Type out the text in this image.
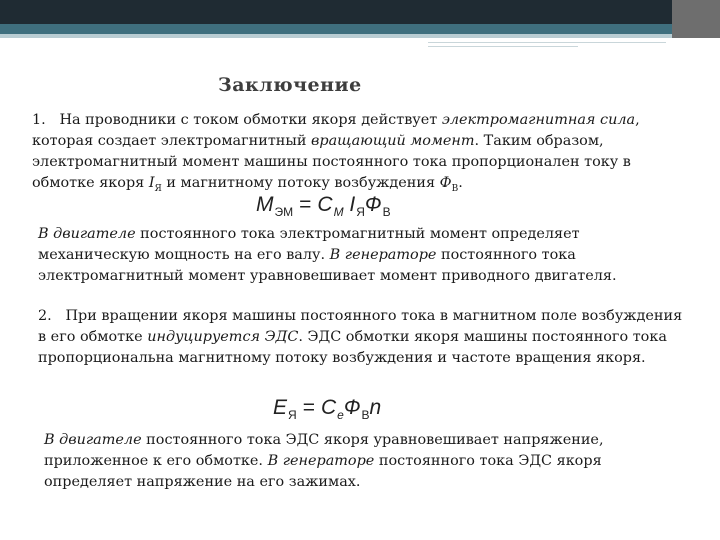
Заключение

1. На проводники с током обмотки якоря действует электромагнитная сила, которая создает электромагнитный вращающий момент. Таким образом, электромагнитный момент машины постоянного тока пропорционален току в обмотке якоря $I_Я$ и магнитному потоку возбуждения $Ф_В$.

$M_{ЭМ} = C_M$ $I_ЯФ_В$

В двигателе постоянного тока электромагнитный момент определяет механическую мощность на его валу. В генераторе постоянного тока электромагнитный момент уравновешивает момент приводного двигателя.

2. При вращении якоря машины постоянного тока в магнитном поле возбуждения в его обмотке индуцируется ЭДС. ЭДС обмотки якоря машины постоянного тока пропорциональна магнитному потоку возбуждения и частоте вращения якоря.

$E_Я = C_eФ_Вn$

В двигателе постоянного тока ЭДС якоря уравновешивает напряжение, приложенное к его обмотке. В генераторе постоянного тока ЭДС якоря определяет напряжение на его зажимах.
